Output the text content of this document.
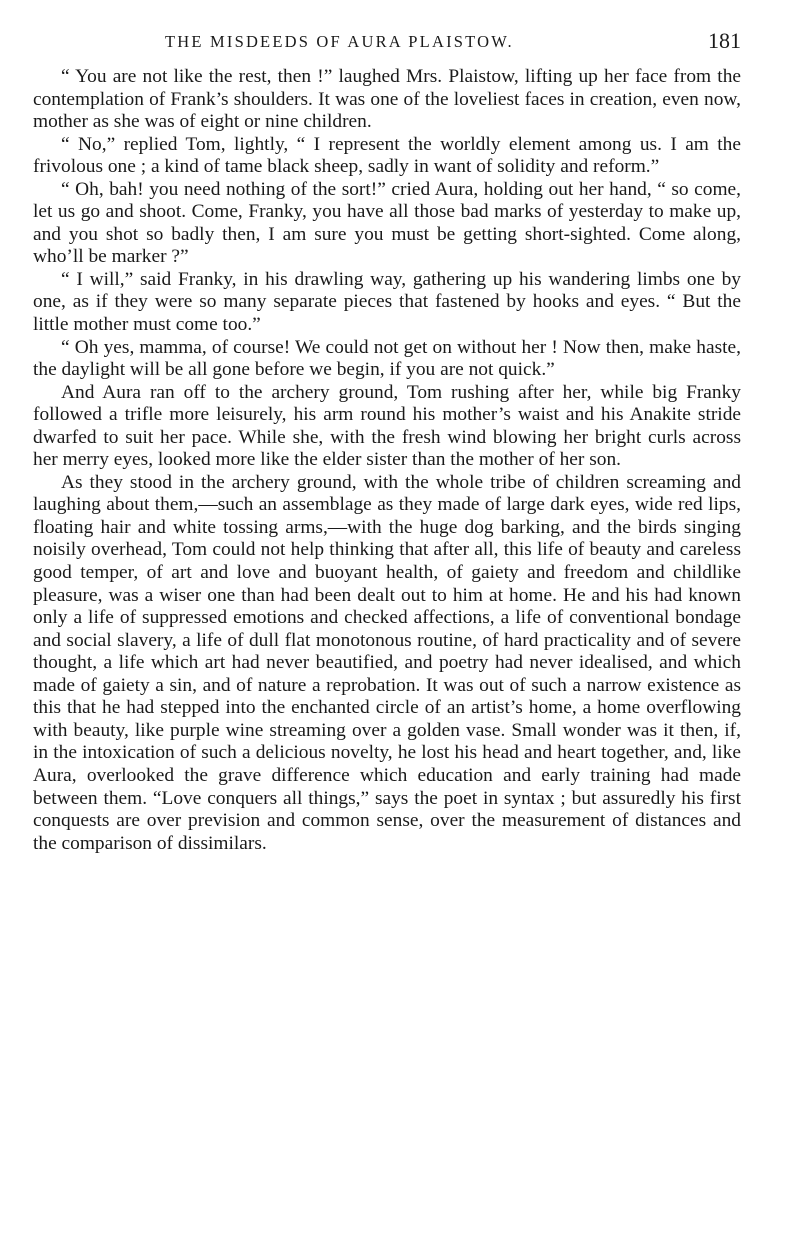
THE MISDEEDS OF AURA PLAISTOW.	181

“ You are not like the rest, then !” laughed Mrs. Plaistow, lifting up her face from the contemplation of Frank’s shoulders. It was one of the loveliest faces in creation, even now, mother as she was of eight or nine children.

“ No,” replied Tom, lightly, “ I represent the worldly element among us. I am the frivolous one ; a kind of tame black sheep, sadly in want of solidity and reform.”

“ Oh, bah! you need nothing of the sort!” cried Aura, holding out her hand, “ so come, let us go and shoot. Come, Franky, you have all those bad marks of yesterday to make up, and you shot so badly then, I am sure you must be getting short-sighted. Come along, who’ll be marker ?”

“ I will,” said Franky, in his drawling way, gathering up his wandering limbs one by one, as if they were so many separate pieces that fastened by hooks and eyes. “ But the little mother must come too.”

“ Oh yes, mamma, of course! We could not get on without her ! Now then, make haste, the daylight will be all gone before we begin, if you are not quick.”

And Aura ran off to the archery ground, Tom rushing after her, while big Franky followed a trifle more leisurely, his arm round his mother’s waist and his Anakite stride dwarfed to suit her pace. While she, with the fresh wind blowing her bright curls across her merry eyes, looked more like the elder sister than the mother of her son.

As they stood in the archery ground, with the whole tribe of children screaming and laughing about them,—such an assemblage as they made of large dark eyes, wide red lips, floating hair and white tossing arms,—with the huge dog barking, and the birds singing noisily overhead, Tom could not help thinking that after all, this life of beauty and careless good temper, of art and love and buoyant health, of gaiety and freedom and childlike pleasure, was a wiser one than had been dealt out to him at home. He and his had known only a life of suppressed emotions and checked affections, a life of conventional bondage and social slavery, a life of dull flat monotonous routine, of hard practicality and of severe thought, a life which art had never beautified, and poetry had never idealised, and which made of gaiety a sin, and of nature a reprobation. It was out of such a narrow existence as this that he had stepped into the enchanted circle of an artist’s home, a home overflowing with beauty, like purple wine streaming over a golden vase. Small wonder was it then, if, in the intoxication of such a delicious novelty, he lost his head and heart together, and, like Aura, overlooked the grave difference which education and early training had made between them. “Love conquers all things,” says the poet in syntax ; but assuredly his first conquests are over prevision and common sense, over the measurement of distances and the comparison of dissimilars.
